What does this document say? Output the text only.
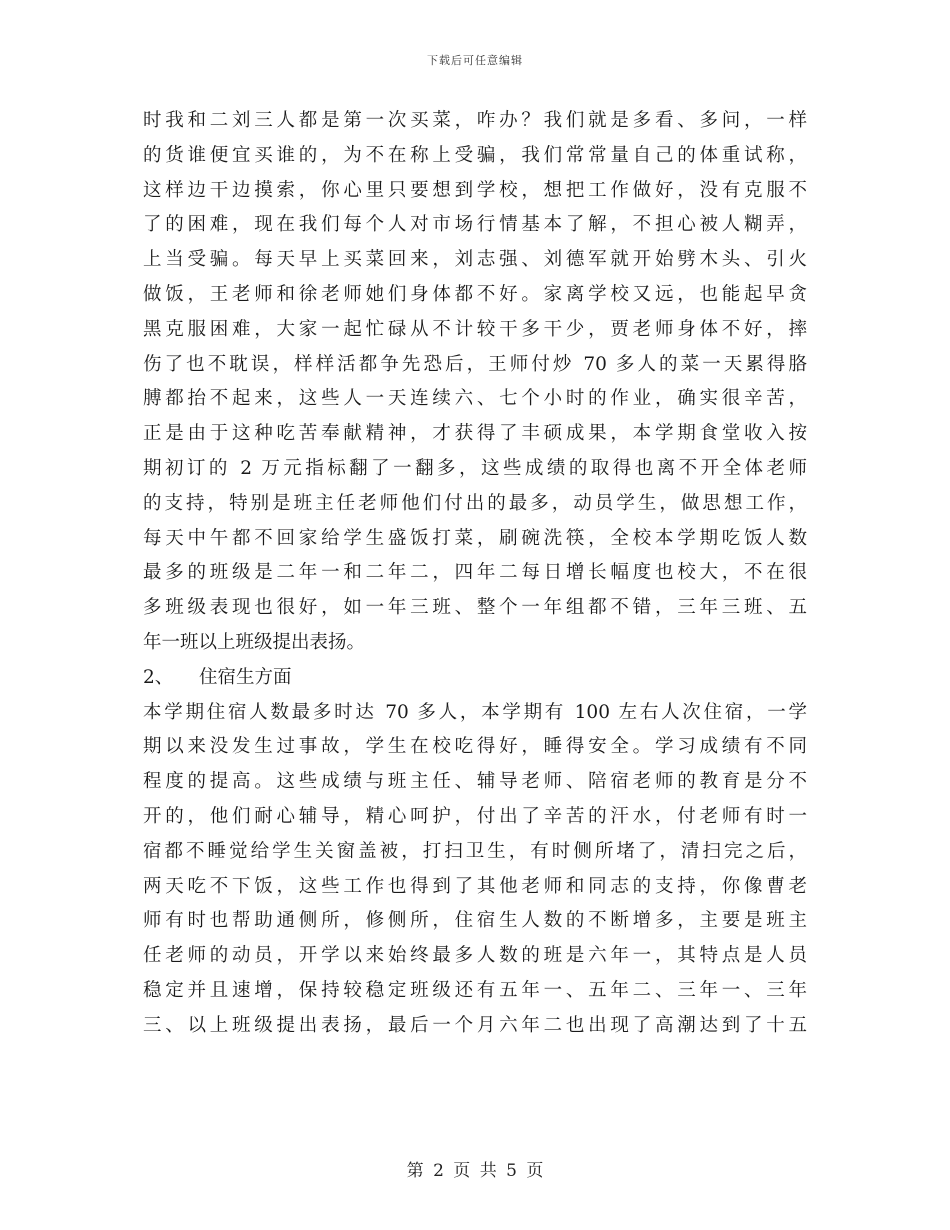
下载后可任意编辑
时我和二刘三人都是第一次买菜，咋办？我们就是多看、多问，一样
的货谁便宜买谁的，为不在称上受骗，我们常常量自己的体重试称，
这样边干边摸索，你心里只要想到学校，想把工作做好，没有克服不
了的困难，现在我们每个人对市场行情基本了解，不担心被人糊弄，
上当受骗。每天早上买菜回来，刘志强、刘德军就开始劈木头、引火
做饭，王老师和徐老师她们身体都不好。家离学校又远，也能起早贪
黑克服困难，大家一起忙碌从不计较干多干少，贾老师身体不好，摔
伤了也不耽误，样样活都争先恐后，王师付炒 70 多人的菜一天累得胳
膊都抬不起来，这些人一天连续六、七个小时的作业，确实很辛苦，
正是由于这种吃苦奉献精神，才获得了丰硕成果，本学期食堂收入按
期初订的 2 万元指标翻了一翻多，这些成绩的取得也离不开全体老师
的支持，特别是班主任老师他们付出的最多，动员学生，做思想工作，
每天中午都不回家给学生盛饭打菜，刷碗洗筷，全校本学期吃饭人数
最多的班级是二年一和二年二，四年二每日增长幅度也校大，不在很
多班级表现也很好，如一年三班、整个一年组都不错，三年三班、五
年一班以上班级提出表扬。
2、 住宿生方面
本学期住宿人数最多时达 70 多人，本学期有 100 左右人次住宿，一学
期以来没发生过事故，学生在校吃得好，睡得安全。学习成绩有不同
程度的提高。这些成绩与班主任、辅导老师、陪宿老师的教育是分不
开的，他们耐心辅导，精心呵护，付出了辛苦的汗水，付老师有时一
宿都不睡觉给学生关窗盖被，打扫卫生，有时侧所堵了，清扫完之后，
两天吃不下饭，这些工作也得到了其他老师和同志的支持，你像曹老
师有时也帮助通侧所，修侧所，住宿生人数的不断增多，主要是班主
任老师的动员，开学以来始终最多人数的班是六年一，其特点是人员
稳定并且速增，保持较稳定班级还有五年一、五年二、三年一、三年
三、以上班级提出表扬，最后一个月六年二也出现了高潮达到了十五
第 2 页 共 5 页
